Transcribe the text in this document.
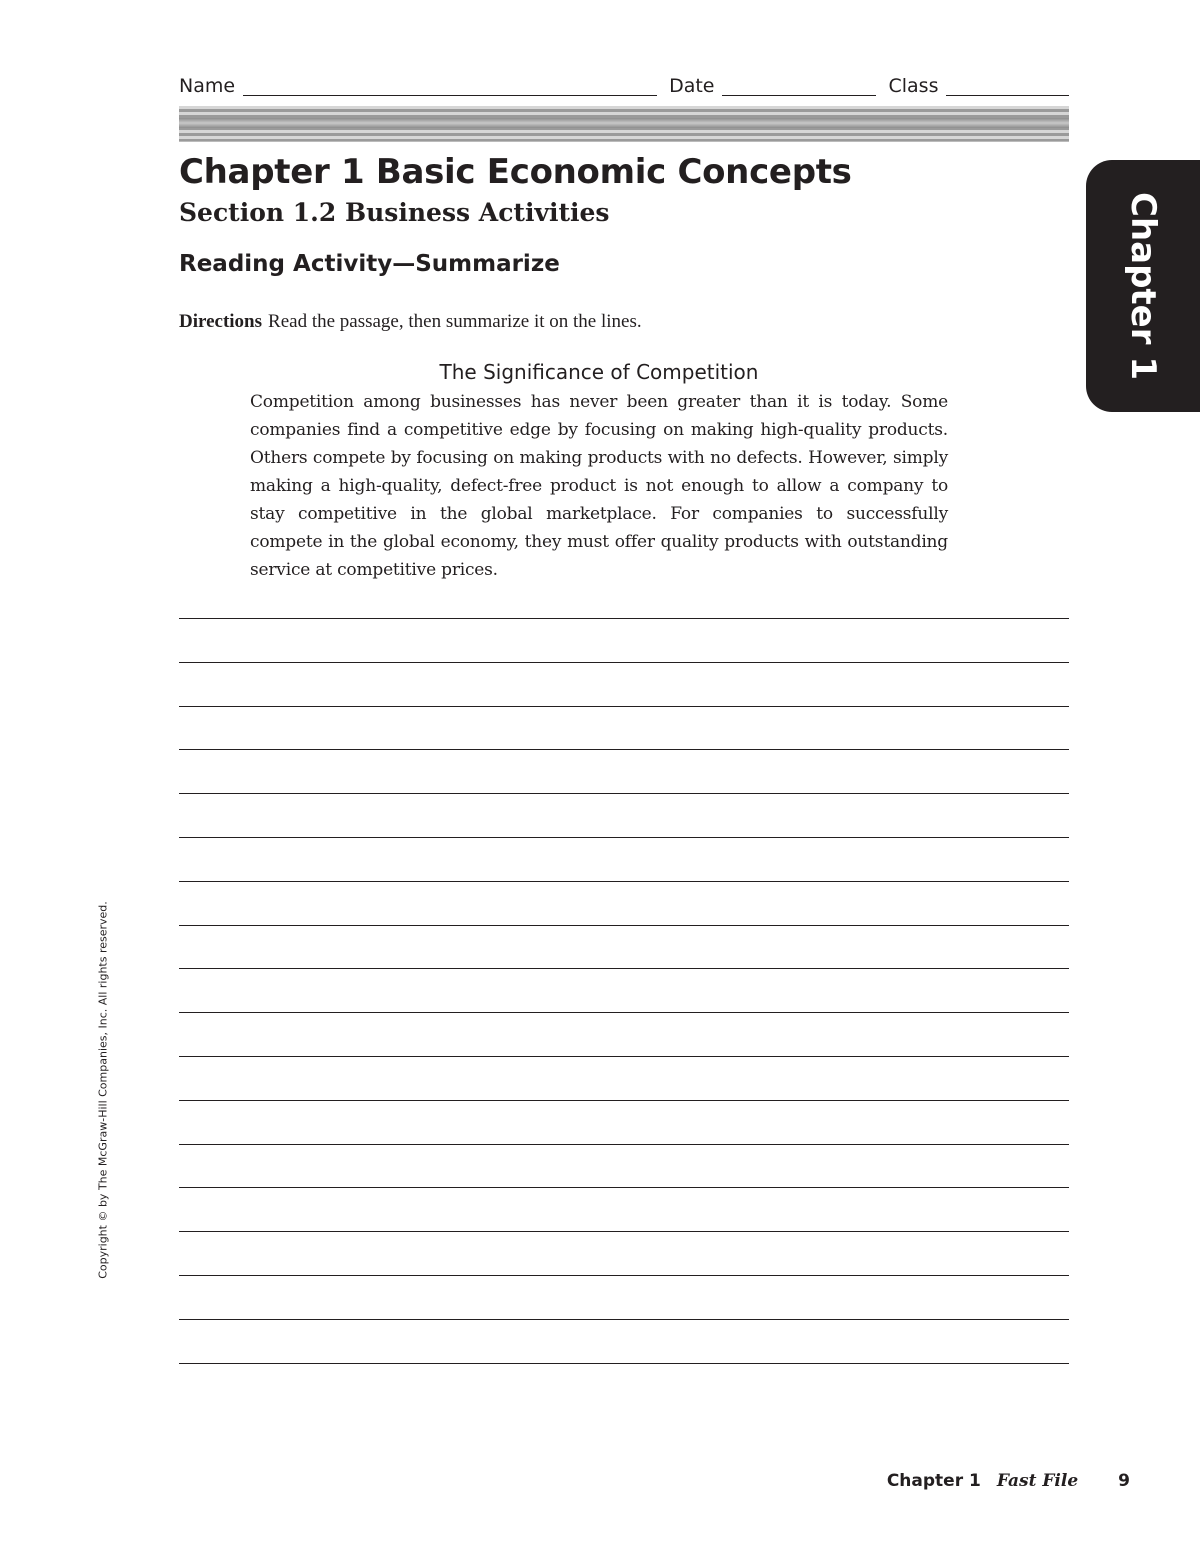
Name	Date	Class
Chapter 1 Basic Economic Concepts
Section 1.2 Business Activities
Reading Activity—Summarize

Directions Read the passage, then summarize it on the lines.

The Significance of Competition

Competition among businesses has never been greater than it is today. Some companies find a competitive edge by focusing on making high-quality products. Others compete by focusing on making products with no defects. However, simply making a high-quality, defect-free product is not enough to allow a company to stay competitive in the global marketplace. For companies to successfully compete in the global economy, they must offer quality products with outstanding service at competitive prices.

Chapter 1
Copyright © by The McGraw-Hill Companies, Inc. All rights reserved.
Chapter 1 Fast File 9
